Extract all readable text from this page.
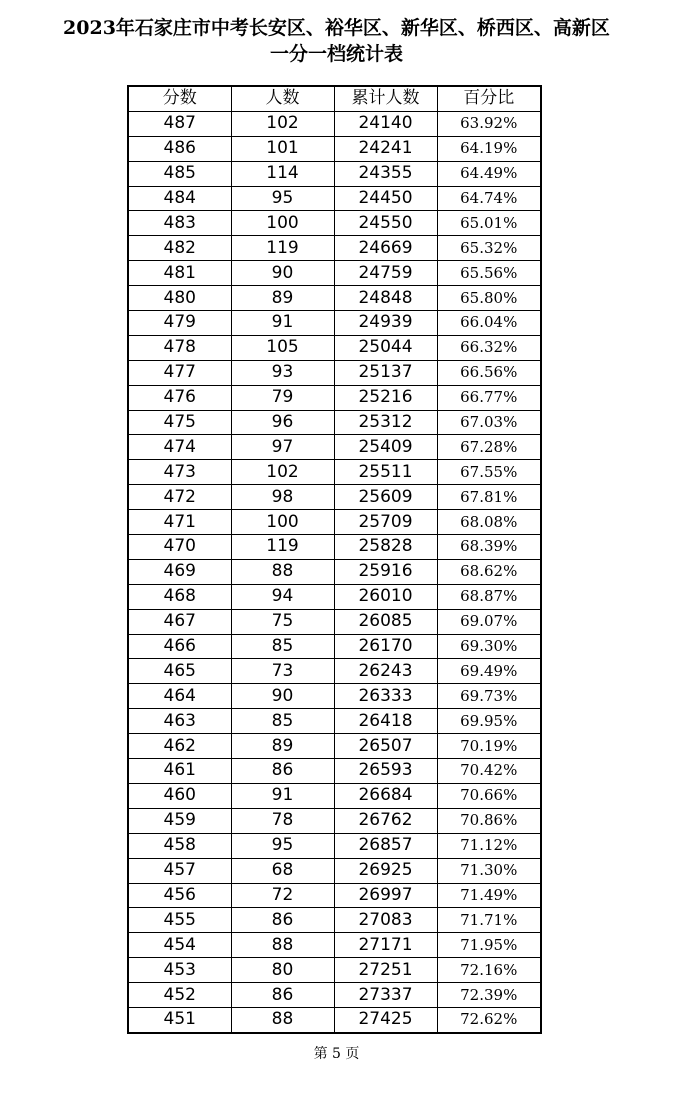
2023年石家庄市中考长安区、裕华区、新华区、桥西区、高新区
一分一档统计表
分数	人数	累计人数	百分比
487	102	24140	63.92%
486	101	24241	64.19%
485	114	24355	64.49%
484	95	24450	64.74%
483	100	24550	65.01%
482	119	24669	65.32%
481	90	24759	65.56%
480	89	24848	65.80%
479	91	24939	66.04%
478	105	25044	66.32%
477	93	25137	66.56%
476	79	25216	66.77%
475	96	25312	67.03%
474	97	25409	67.28%
473	102	25511	67.55%
472	98	25609	67.81%
471	100	25709	68.08%
470	119	25828	68.39%
469	88	25916	68.62%
468	94	26010	68.87%
467	75	26085	69.07%
466	85	26170	69.30%
465	73	26243	69.49%
464	90	26333	69.73%
463	85	26418	69.95%
462	89	26507	70.19%
461	86	26593	70.42%
460	91	26684	70.66%
459	78	26762	70.86%
458	95	26857	71.12%
457	68	26925	71.30%
456	72	26997	71.49%
455	86	27083	71.71%
454	88	27171	71.95%
453	80	27251	72.16%
452	86	27337	72.39%
451	88	27425	72.62%
第 5 页
